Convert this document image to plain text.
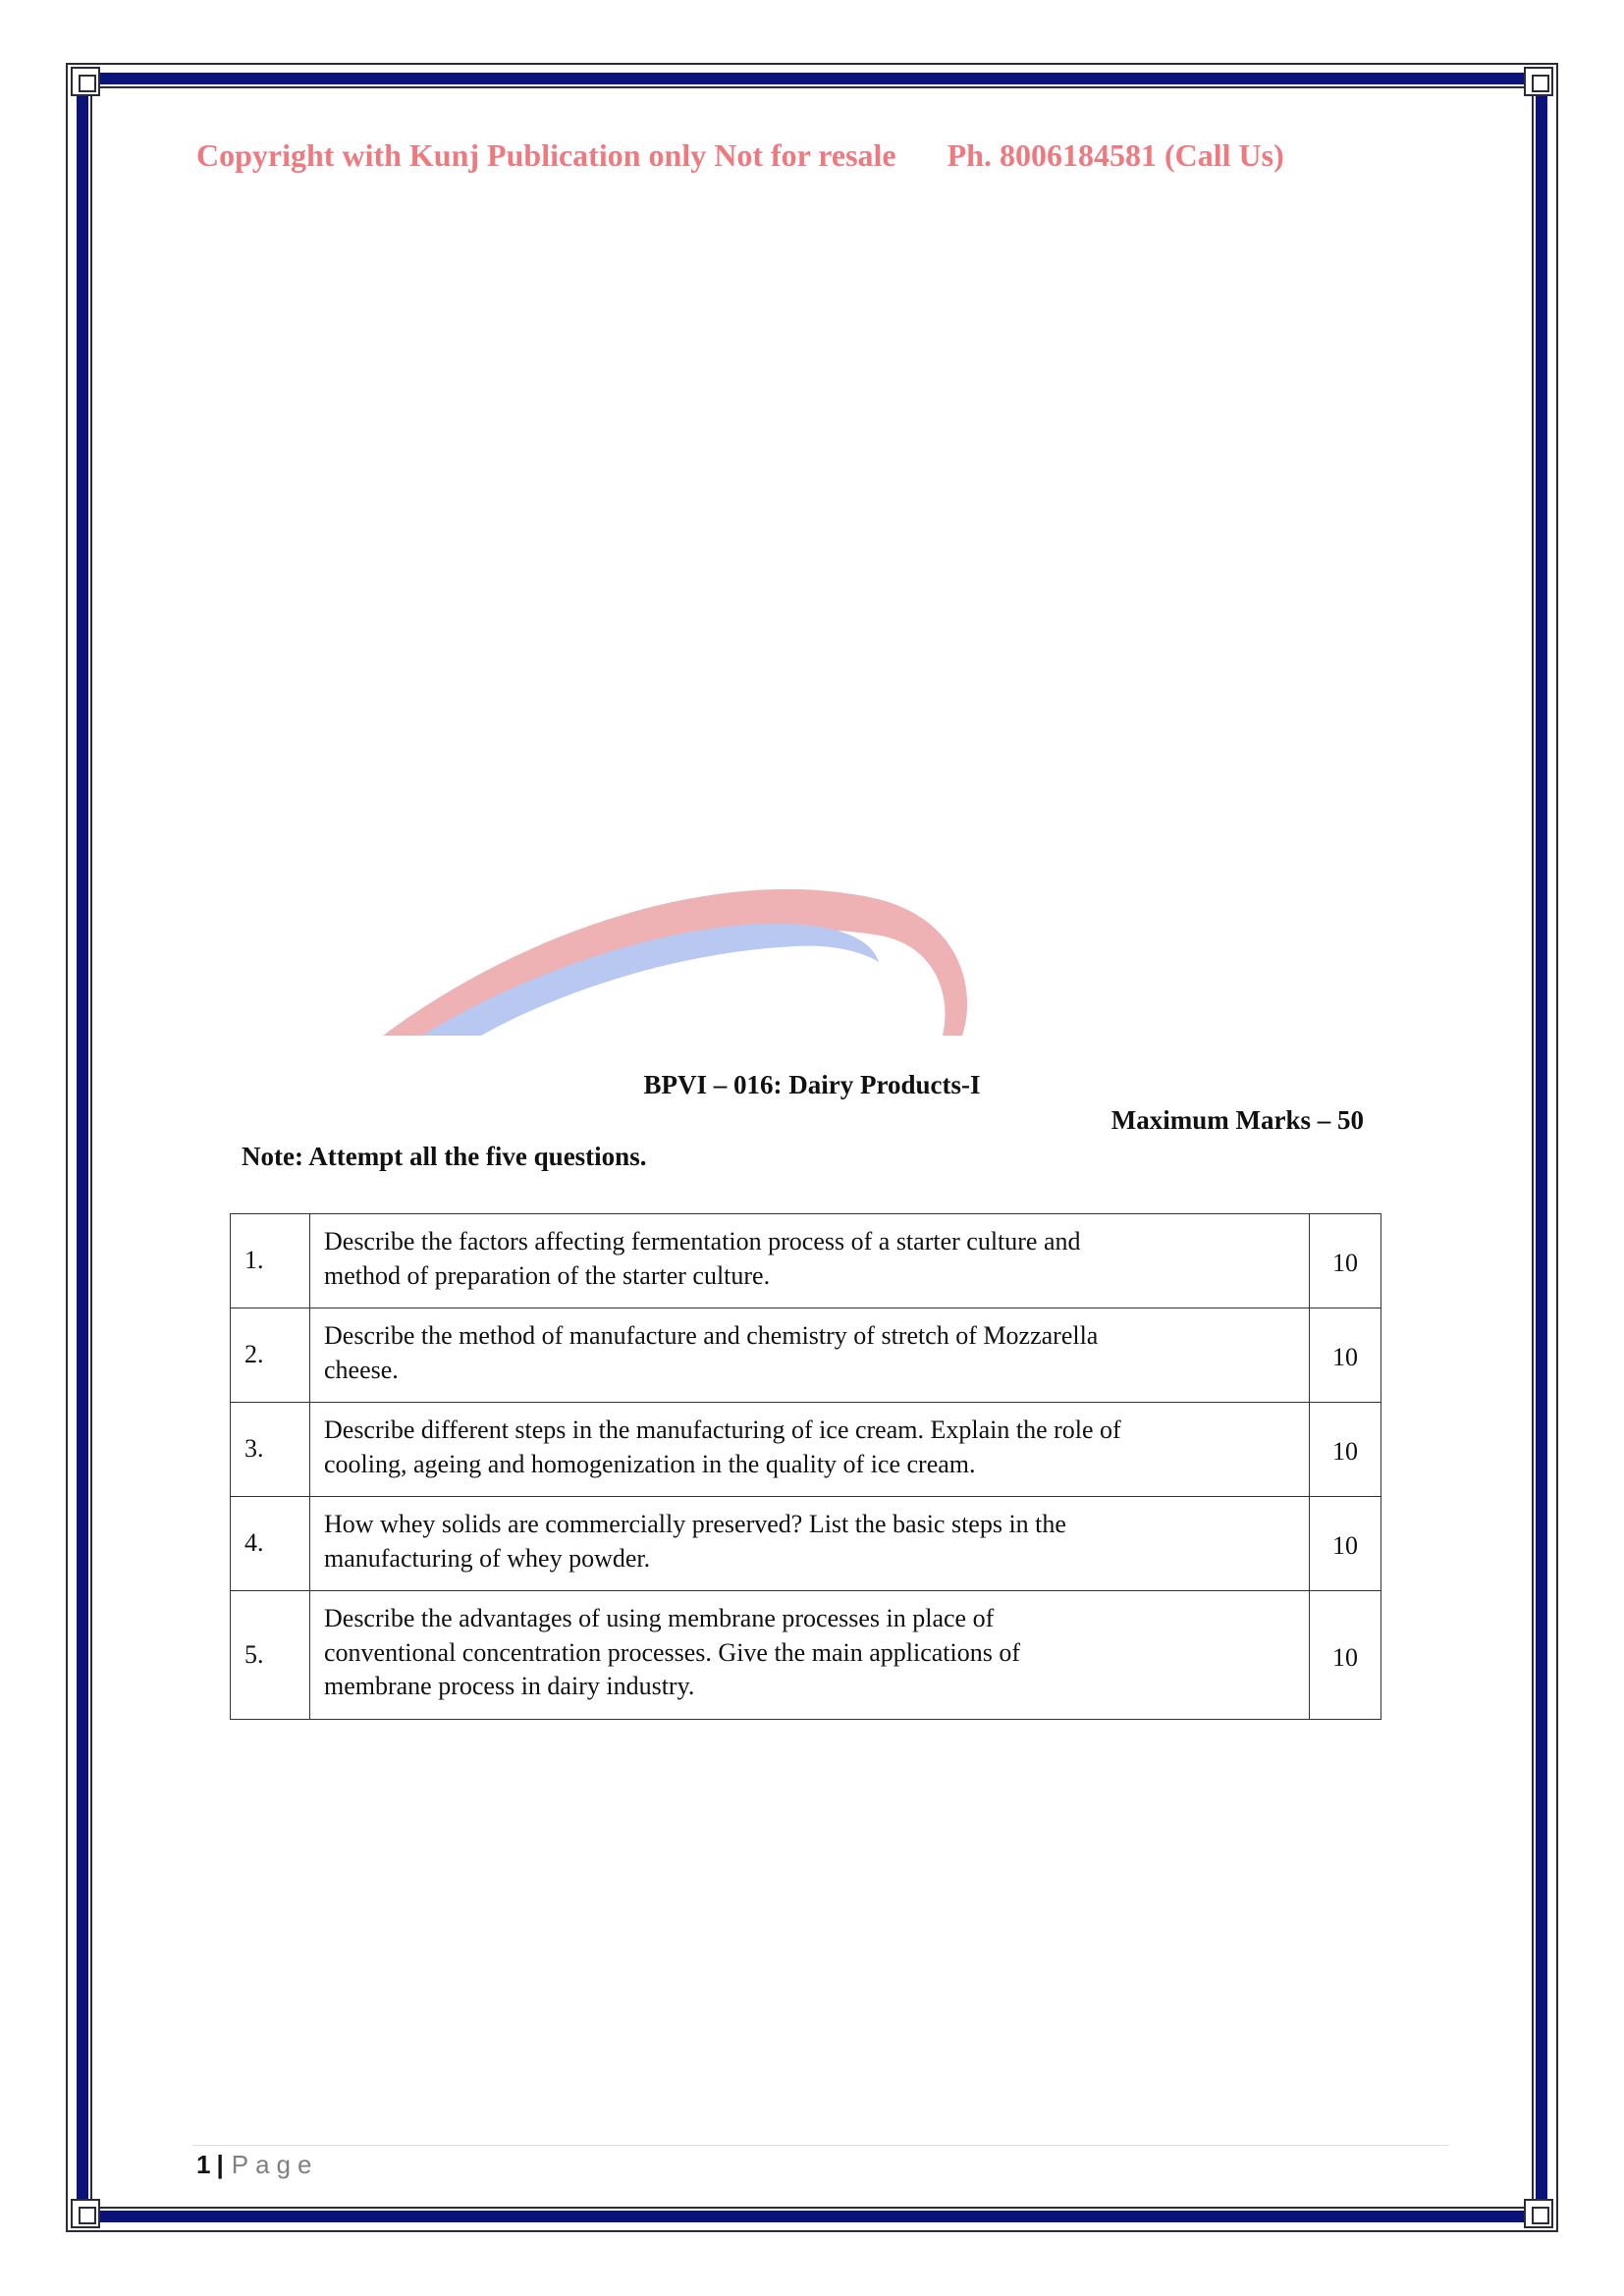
Copyright with Kunj Publication only Not for resale Ph. 8006184581 (Call Us)
BPVI – 016: Dairy Products-I
Maximum Marks – 50
Note: Attempt all the five questions.
1.	Describe the factors affecting fermentation process of a starter culture and
method of preparation of the starter culture.	10
2.	Describe the method of manufacture and chemistry of stretch of Mozzarella
cheese.	10
3.	Describe different steps in the manufacturing of ice cream. Explain the role of
cooling, ageing and homogenization in the quality of ice cream.	10
4.	How whey solids are commercially preserved? List the basic steps in the
manufacturing of whey powder.	10
5.	Describe the advantages of using membrane processes in place of
conventional concentration processes. Give the main applications of
membrane process in dairy industry.	10
1 | Page
